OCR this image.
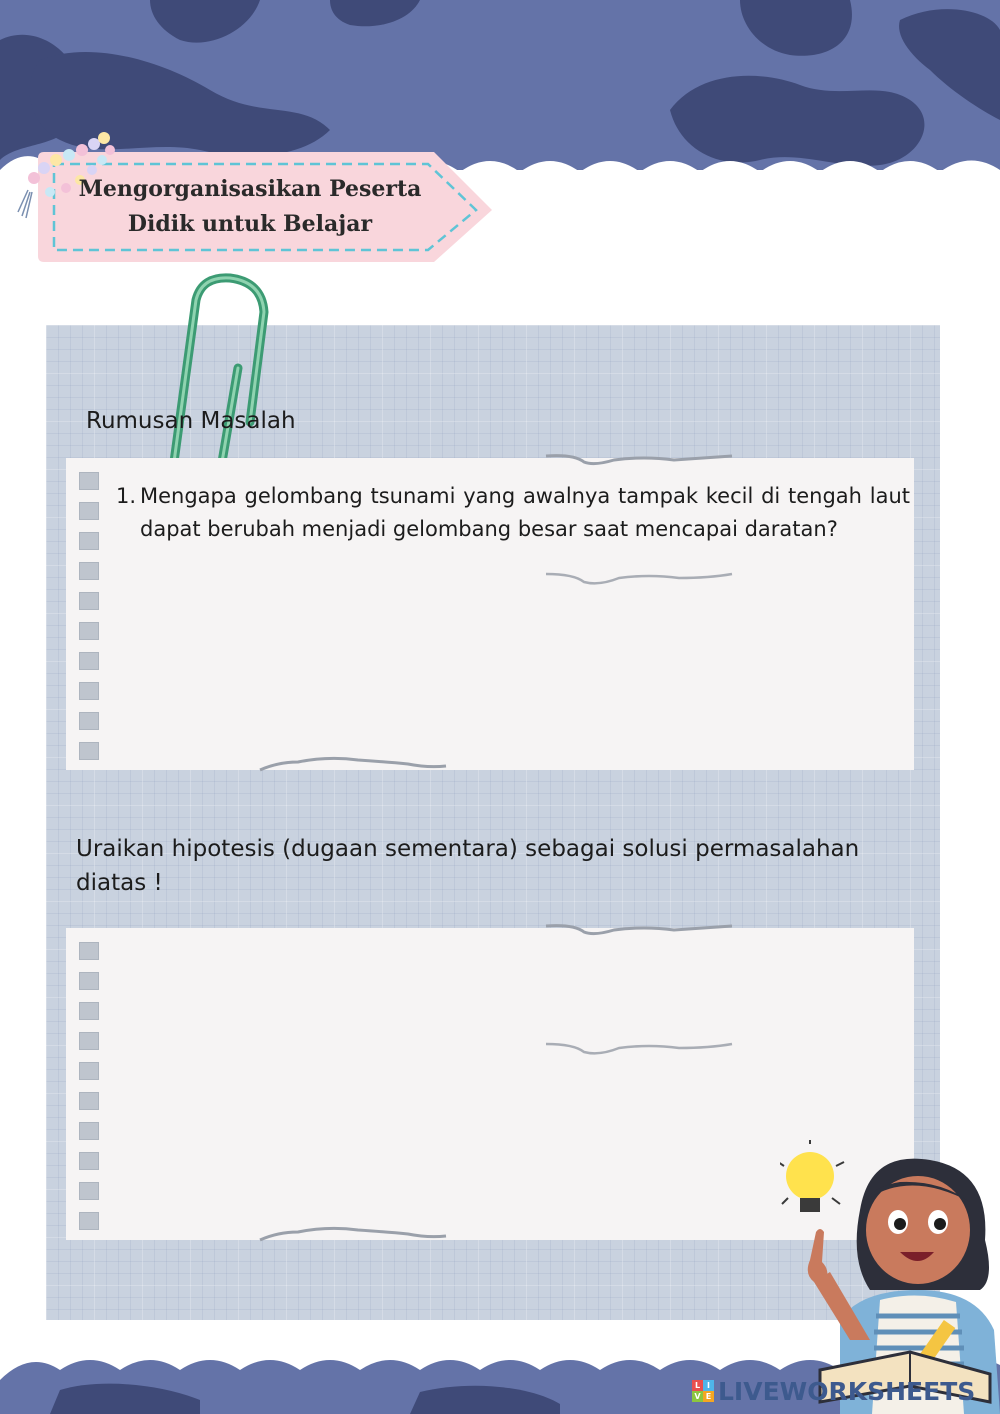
Mengorganisasikan Peserta Didik untuk Belajar
Rumusan Masalah
1. Mengapa gelombang tsunami yang awalnya tampak kecil di tengah laut dapat berubah menjadi gelombang besar saat mencapai daratan?
Uraikan hipotesis (dugaan sementara) sebagai solusi permasalahan diatas !
L I
V E LIVEWORKSHEETS
